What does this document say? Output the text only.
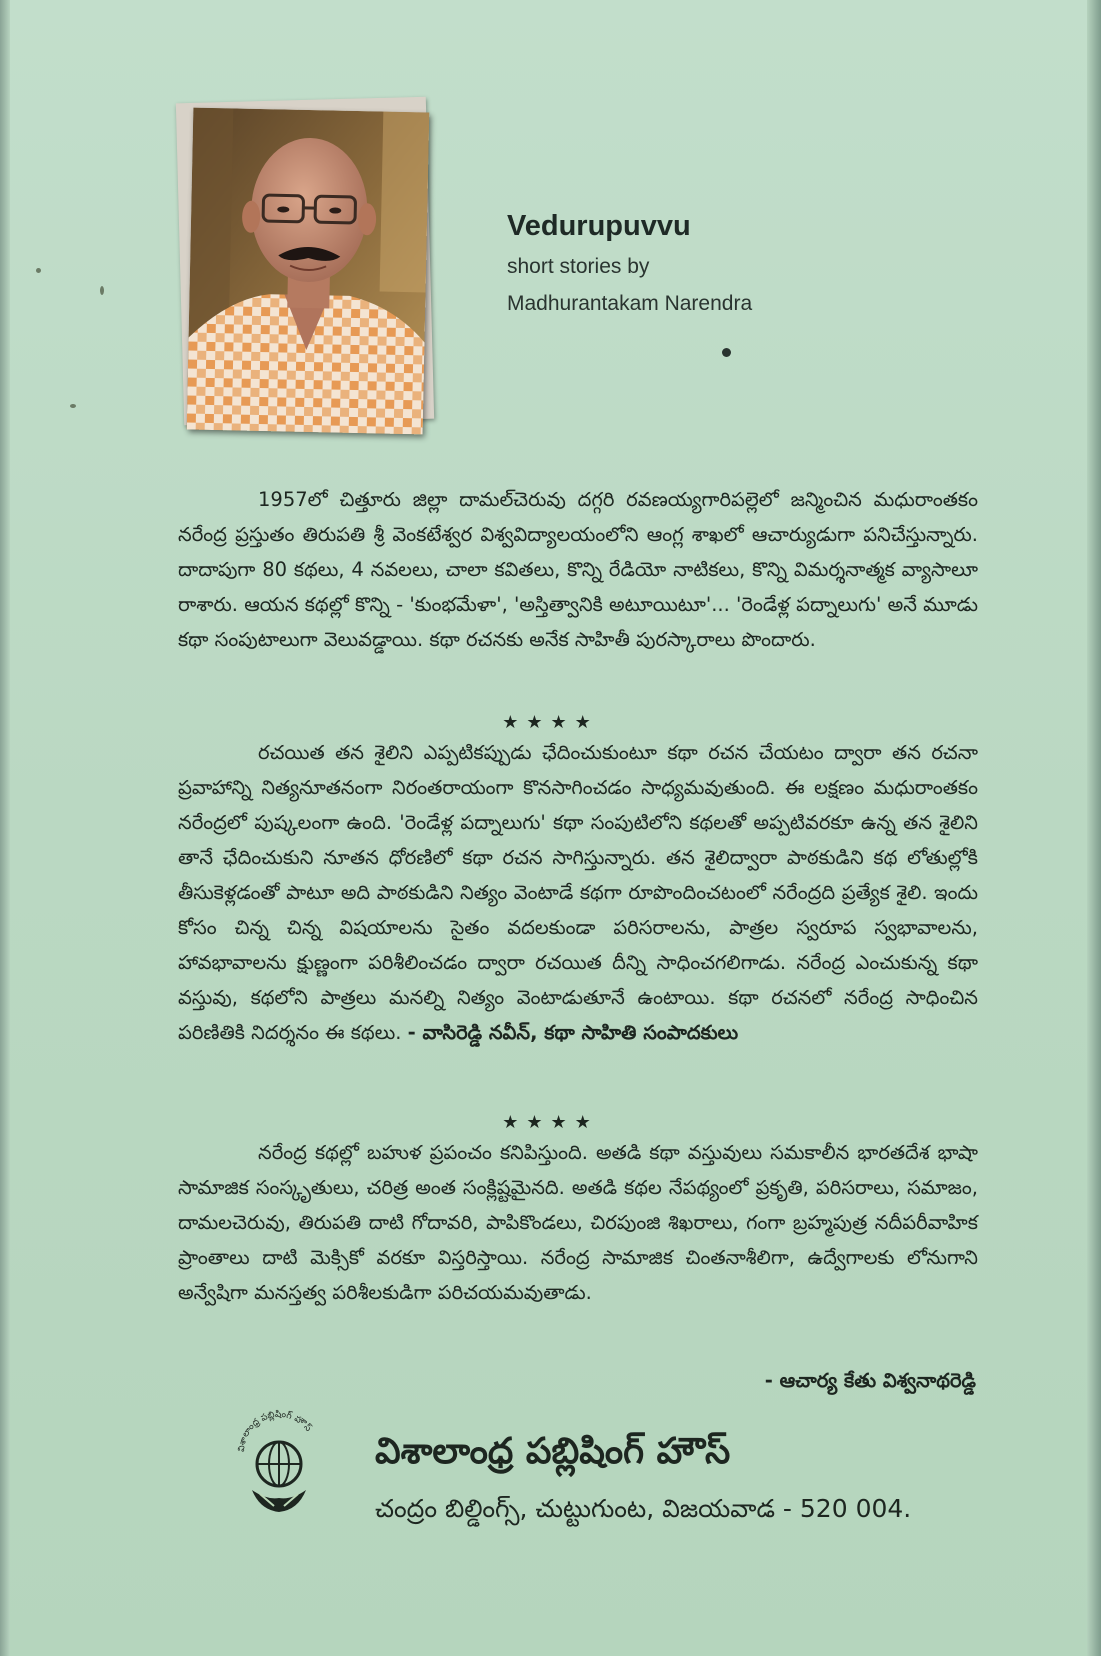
Vedurupuvvu
short stories by
Madhurantakam Narendra
1957లో చిత్తూరు జిల్లా దామల్‌చెరువు దగ్గరి రవణయ్యగారిపల్లెలో జన్మించిన మధురాంతకం నరేంద్ర ప్రస్తుతం తిరుపతి శ్రీ వెంకటేశ్వర విశ్వవిద్యాలయంలోని ఆంగ్ల శాఖలో ఆచార్యుడుగా పనిచేస్తున్నారు. దాదాపుగా 80 కథలు, 4 నవలలు, చాలా కవితలు, కొన్ని రేడియో నాటికలు, కొన్ని విమర్శనాత్మక వ్యాసాలూ రాశారు. ఆయన కథల్లో కొన్ని - 'కుంభమేళా', 'అస్తిత్వానికి అటూయిటూ'... 'రెండేళ్ల పద్నాలుగు' అనే మూడు కథా సంపుటాలుగా వెలువడ్డాయి. కథా రచనకు అనేక సాహితీ పురస్కారాలు పొందారు.
★★★★
రచయిత తన శైలిని ఎప్పటికప్పుడు ఛేదించుకుంటూ కథా రచన చేయటం ద్వారా తన రచనా ప్రవాహాన్ని నిత్యనూతనంగా నిరంతరాయంగా కొనసాగించడం సాధ్యమవుతుంది. ఈ లక్షణం మధురాంతకం నరేంద్రలో పుష్కలంగా ఉంది. 'రెండేళ్ల పద్నాలుగు' కథా సంపుటిలోని కథలతో అప్పటివరకూ ఉన్న తన శైలిని తానే ఛేదించుకుని నూతన ధోరణిలో కథా రచన సాగిస్తున్నారు. తన శైలిద్వారా పాఠకుడిని కథ లోతుల్లోకి తీసుకెళ్లడంతో పాటూ అది పాఠకుడిని నిత్యం వెంటాడే కథగా రూపొందించటంలో నరేంద్రది ప్రత్యేక శైలి. ఇందు కోసం చిన్న చిన్న విషయాలను సైతం వదలకుండా పరిసరాలను, పాత్రల స్వరూప స్వభావాలను, హావభావాలను క్షుణ్ణంగా పరిశీలించడం ద్వారా రచయిత దీన్ని సాధించగలిగాడు. నరేంద్ర ఎంచుకున్న కథా వస్తువు, కథలోని పాత్రలు మనల్ని నిత్యం వెంటాడుతూనే ఉంటాయి. కథా రచనలో నరేంద్ర సాధించిన పరిణితికి నిదర్శనం ఈ కథలు. - వాసిరెడ్డి నవీన్, కథా సాహితి సంపాదకులు
★★★★
నరేంద్ర కథల్లో బహుళ ప్రపంచం కనిపిస్తుంది. అతడి కథా వస్తువులు సమకాలీన భారతదేశ భాషా సామాజిక సంస్కృతులు, చరిత్ర అంత సంక్లిష్టమైనది. అతడి కథల నేపథ్యంలో ప్రకృతి, పరిసరాలు, సమాజం, దామలచెరువు, తిరుపతి దాటి గోదావరి, పాపికొండలు, చిరపుంజి శిఖరాలు, గంగా బ్రహ్మపుత్ర నదీపరీవాహిక ప్రాంతాలు దాటి మెక్సికో వరకూ విస్తరిస్తాయి. నరేంద్ర సామాజిక చింతనాశీలిగా, ఉద్వేగాలకు లోనుగాని అన్వేషిగా మనస్తత్వ పరిశీలకుడిగా పరిచయమవుతాడు.
- ఆచార్య కేతు విశ్వనాథరెడ్డి
విశాలాంధ్ర పబ్లిషింగ్ హౌస్
విశాలాంధ్ర పబ్లిషింగ్ హౌస్
చంద్రం బిల్డింగ్స్, చుట్టుగుంట, విజయవాడ - 520 004.
